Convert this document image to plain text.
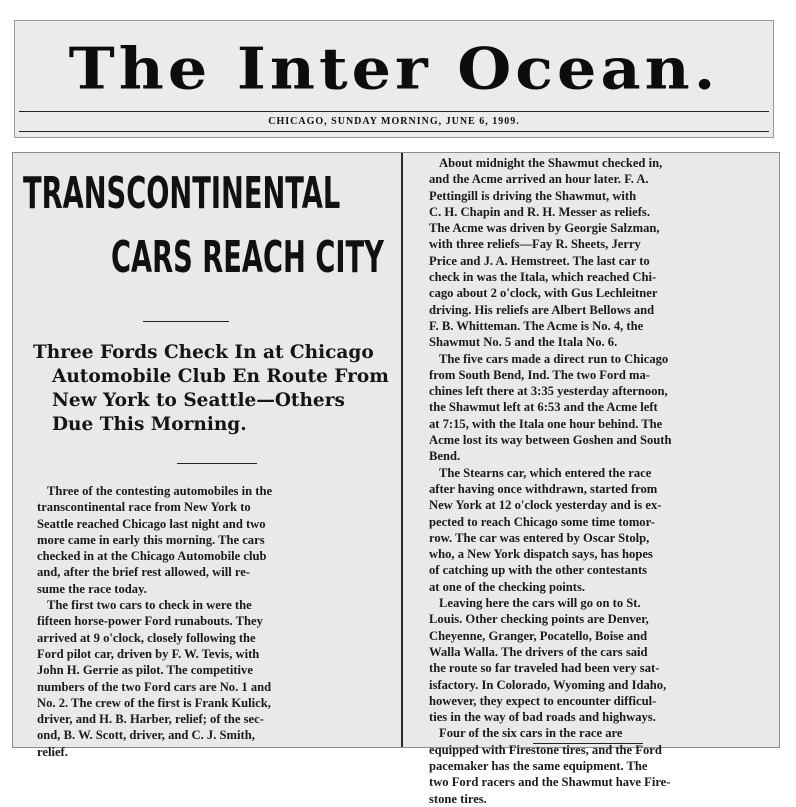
The Inter Ocean.
CHICAGO, SUNDAY MORNING, JUNE 6, 1909.
TRANSCONTINENTAL
CARS REACH CITY
Three Fords Check In at Chicago
Automobile Club En Route From
New York to Seattle—Others
Due This Morning.
Three of the contesting automobiles in the
transcontinental race from New York to
Seattle reached Chicago last night and two
more came in early this morning. The cars
checked in at the Chicago Automobile club
and, after the brief rest allowed, will re-
sume the race today.
The first two cars to check in were the
fifteen horse-power Ford runabouts. They
arrived at 9 o'clock, closely following the
Ford pilot car, driven by F. W. Tevis, with
John H. Gerrie as pilot. The competitive
numbers of the two Ford cars are No. 1 and
No. 2. The crew of the first is Frank Kulick,
driver, and H. B. Harber, relief; of the sec-
ond, B. W. Scott, driver, and C. J. Smith,
relief.
About midnight the Shawmut checked in,
and the Acme arrived an hour later. F. A.
Pettingill is driving the Shawmut, with
C. H. Chapin and R. H. Messer as reliefs.
The Acme was driven by Georgie Salzman,
with three reliefs—Fay R. Sheets, Jerry
Price and J. A. Hemstreet. The last car to
check in was the Itala, which reached Chi-
cago about 2 o'clock, with Gus Lechleitner
driving. His reliefs are Albert Bellows and
F. B. Whitteman. The Acme is No. 4, the
Shawmut No. 5 and the Itala No. 6.
The five cars made a direct run to Chicago
from South Bend, Ind. The two Ford ma-
chines left there at 3:35 yesterday afternoon,
the Shawmut left at 6:53 and the Acme left
at 7:15, with the Itala one hour behind. The
Acme lost its way between Goshen and South
Bend.
The Stearns car, which entered the race
after having once withdrawn, started from
New York at 12 o'clock yesterday and is ex-
pected to reach Chicago some time tomor-
row. The car was entered by Oscar Stolp,
who, a New York dispatch says, has hopes
of catching up with the other contestants
at one of the checking points.
Leaving here the cars will go on to St.
Louis. Other checking points are Denver,
Cheyenne, Granger, Pocatello, Boise and
Walla Walla. The drivers of the cars said
the route so far traveled had been very sat-
isfactory. In Colorado, Wyoming and Idaho,
however, they expect to encounter difficul-
ties in the way of bad roads and highways.
Four of the six cars in the race are
equipped with Firestone tires, and the Ford
pacemaker has the same equipment. The
two Ford racers and the Shawmut have Fire-
stone tires.
